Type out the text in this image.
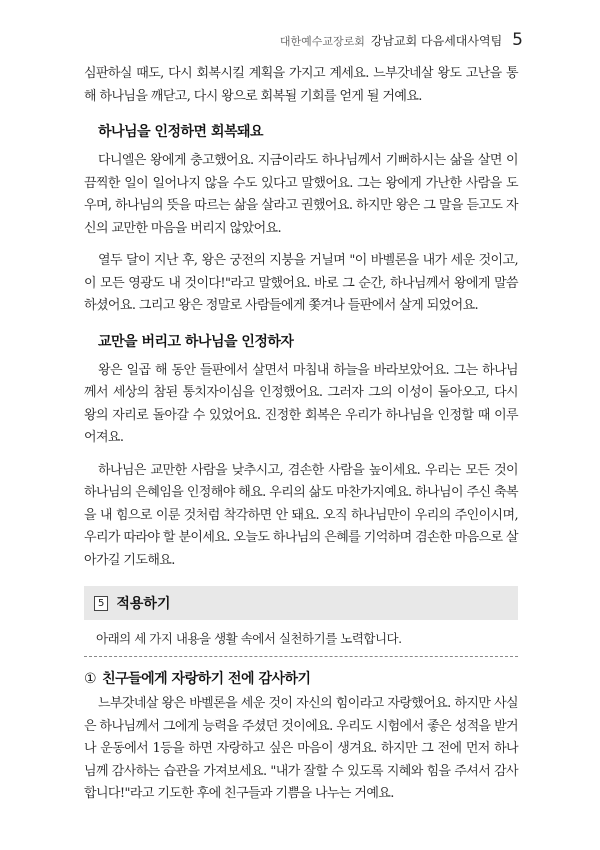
대한예수교장로회 강남교회 다음세대사역팀 5

심판하실 때도, 다시 회복시킬 계획을 가지고 계세요. 느부갓네살 왕도 고난을 통해 하나님을 깨닫고, 다시 왕으로 회복될 기회를 얻게 될 거예요.

하나님을 인정하면 회복돼요

다니엘은 왕에게 충고했어요. 지금이라도 하나님께서 기뻐하시는 삶을 살면 이 끔찍한 일이 일어나지 않을 수도 있다고 말했어요. 그는 왕에게 가난한 사람을 도우며, 하나님의 뜻을 따르는 삶을 살라고 권했어요. 하지만 왕은 그 말을 듣고도 자신의 교만한 마음을 버리지 않았어요.

열두 달이 지난 후, 왕은 궁전의 지붕을 거닐며 "이 바벨론을 내가 세운 것이고, 이 모든 영광도 내 것이다!"라고 말했어요. 바로 그 순간, 하나님께서 왕에게 말씀하셨어요. 그리고 왕은 정말로 사람들에게 쫓겨나 들판에서 살게 되었어요.

교만을 버리고 하나님을 인정하자

왕은 일곱 해 동안 들판에서 살면서 마침내 하늘을 바라보았어요. 그는 하나님께서 세상의 참된 통치자이심을 인정했어요. 그러자 그의 이성이 돌아오고, 다시 왕의 자리로 돌아갈 수 있었어요. 진정한 회복은 우리가 하나님을 인정할 때 이루어져요.

하나님은 교만한 사람을 낮추시고, 겸손한 사람을 높이세요. 우리는 모든 것이 하나님의 은혜임을 인정해야 해요. 우리의 삶도 마찬가지예요. 하나님이 주신 축복을 내 힘으로 이룬 것처럼 착각하면 안 돼요. 오직 하나님만이 우리의 주인이시며, 우리가 따라야 할 분이세요. 오늘도 하나님의 은혜를 기억하며 겸손한 마음으로 살아가길 기도해요.

5 적용하기
아래의 세 가지 내용을 생활 속에서 실천하기를 노력합니다.
① 친구들에게 자랑하기 전에 감사하기

느부갓네살 왕은 바벨론을 세운 것이 자신의 힘이라고 자랑했어요. 하지만 사실은 하나님께서 그에게 능력을 주셨던 것이에요. 우리도 시험에서 좋은 성적을 받거나 운동에서 1등을 하면 자랑하고 싶은 마음이 생겨요. 하지만 그 전에 먼저 하나님께 감사하는 습관을 가져보세요. "내가 잘할 수 있도록 지혜와 힘을 주셔서 감사합니다!"라고 기도한 후에 친구들과 기쁨을 나누는 거예요.
